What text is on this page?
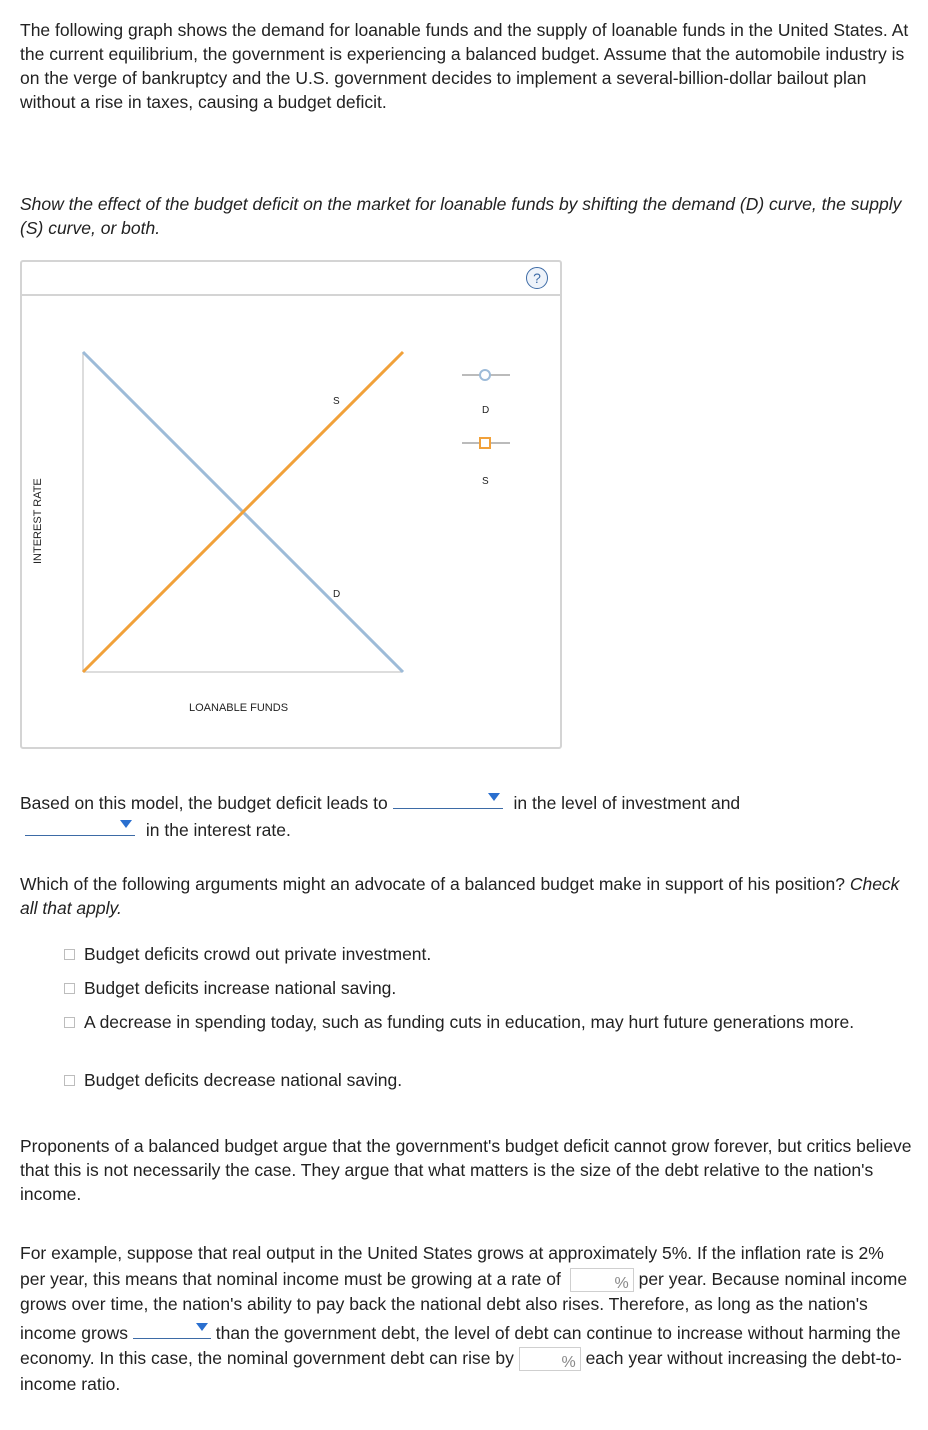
The following graph shows the demand for loanable funds and the supply of loanable funds in the United States. At the current equilibrium, the government is experiencing a balanced budget. Assume that the automobile industry is on the verge of bankruptcy and the U.S. government decides to implement a several-billion-dollar bailout plan without a rise in taxes, causing a budget deficit.

Show the effect of the budget deficit on the market for loanable funds by shifting the demand (D) curve, the supply (S) curve, or both.

?
S
D
INTEREST RATE
LOANABLE FUNDS
D
S
Based on this model, the budget deficit leads to	in the level of investment and

in the interest rate.

Which of the following arguments might an advocate of a balanced budget make in support of his position? Check all that apply.

Budget deficits crowd out private investment.
Budget deficits increase national saving.
A decrease in spending today, such as funding cuts in education, may hurt future generations more.
Budget deficits decrease national saving.

Proponents of a balanced budget argue that the government's budget deficit cannot grow forever, but critics believe that this is not necessarily the case. They argue that what matters is the size of the debt relative to the nation's income.

For example, suppose that real output in the United States grows at approximately 5%. If the inflation rate is 2% per year, this means that nominal income must be growing at a rate of	% per year. Because nominal income grows over time, the nation's ability to pay back the national debt also rises. Therefore, as long as the nation's income grows	than the government debt, the level of debt can continue to increase without harming the economy. In this case, the nominal government debt can rise by	% each year without increasing the debt-to-income ratio.
